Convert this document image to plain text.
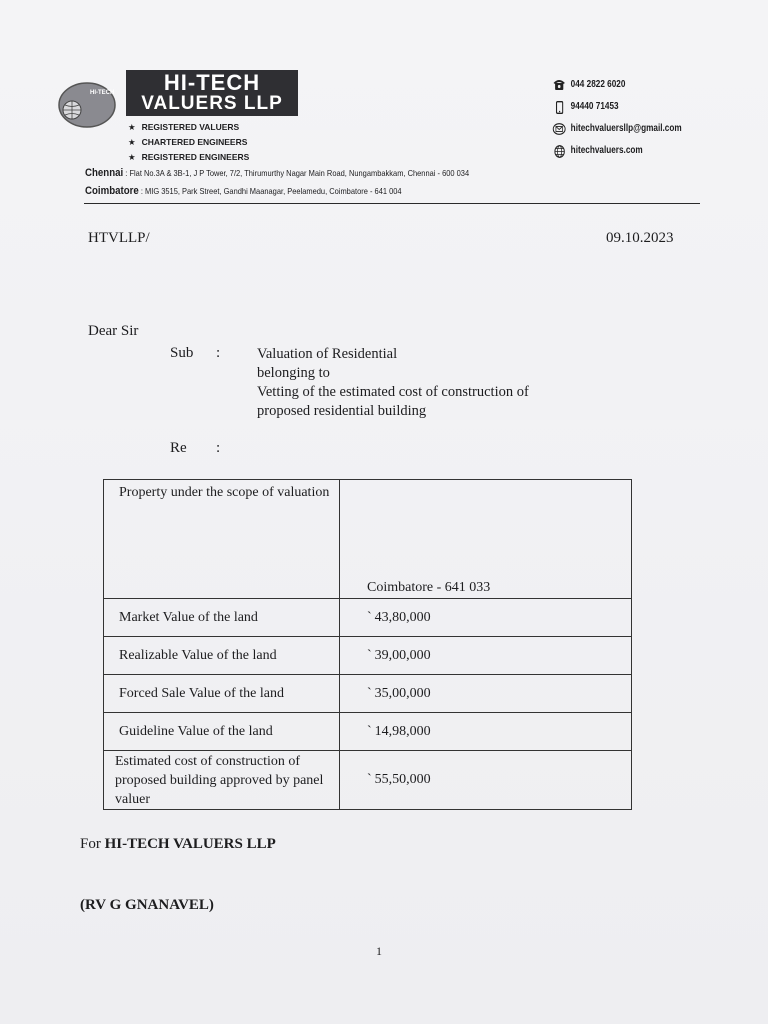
HI-TECH	HI-TECH
VALUERS LLP
★ REGISTERED VALUERS
★ CHARTERED ENGINEERS
★ REGISTERED ENGINEERS
044 2822 6020
94440 71453
hitechvaluersllp@gmail.com
hitechvaluers.com
Chennai : Flat No.3A & 3B-1, J P Tower, 7/2, Thirumurthy Nagar Main Road, Nungambakkam, Chennai - 600 034
Coimbatore : MIG 3515, Park Street, Gandhi Maanagar, Peelamedu, Coimbatore - 641 004
HTVLLP/	09.10.2023
Dear Sir
Sub :	Valuation of Residential
belonging to
Vetting of the estimated cost of construction of
proposed residential building
Re :
Property under the scope of valuation	Coimbatore - 641 033
Market Value of the land	` 43,80,000
Realizable Value of the land	` 39,00,000
Forced Sale Value of the land	` 35,00,000
Guideline Value of the land	` 14,98,000
Estimated cost of construction of proposed building approved by panel valuer	` 55,50,000
For HI-TECH VALUERS LLP
(RV G GNANAVEL)
1
